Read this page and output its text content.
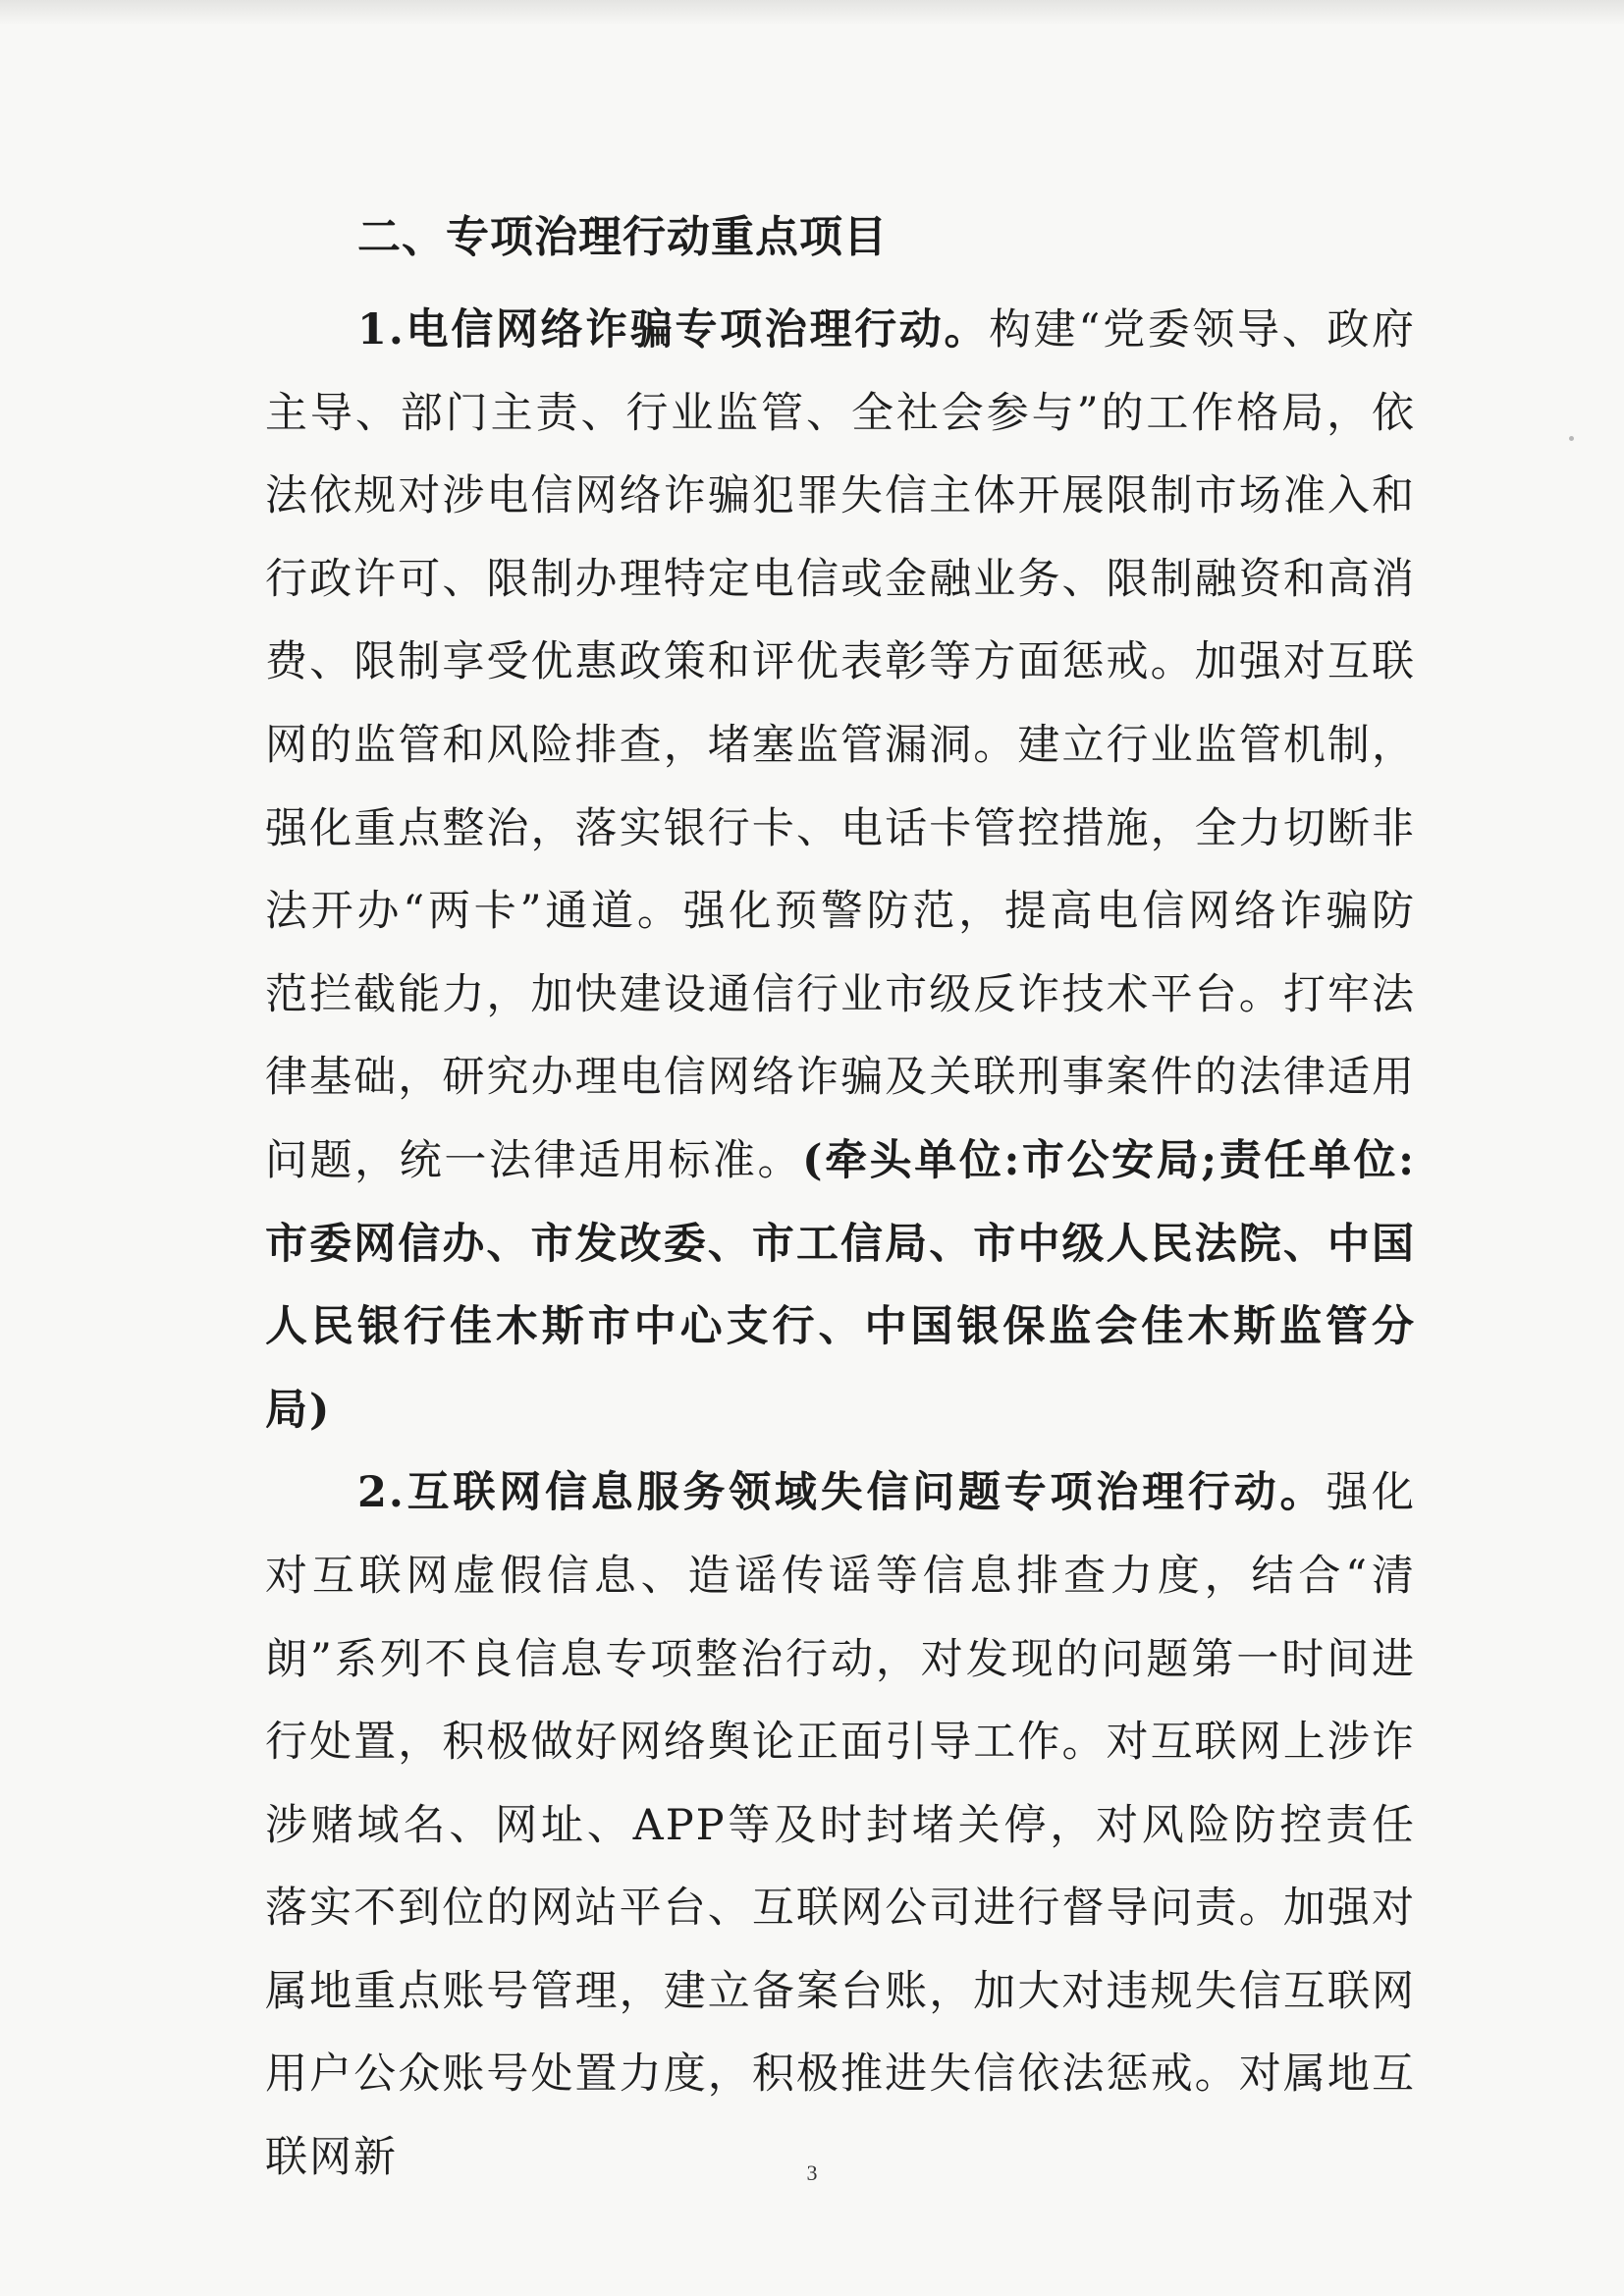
二、专项治理行动重点项目

1.电信网络诈骗专项治理行动。构建“党委领导、政府主导、部门主责、行业监管、全社会参与”的工作格局，依法依规对涉电信网络诈骗犯罪失信主体开展限制市场准入和行政许可、限制办理特定电信或金融业务、限制融资和高消费、限制享受优惠政策和评优表彰等方面惩戒。加强对互联网的监管和风险排查，堵塞监管漏洞。建立行业监管机制，强化重点整治，落实银行卡、电话卡管控措施，全力切断非法开办“两卡”通道。强化预警防范，提高电信网络诈骗防范拦截能力，加快建设通信行业市级反诈技术平台。打牢法律基础，研究办理电信网络诈骗及关联刑事案件的法律适用问题，统一法律适用标准。(牵头单位:市公安局;责任单位:市委网信办、市发改委、市工信局、市中级人民法院、中国人民银行佳木斯市中心支行、中国银保监会佳木斯监管分局)

2.互联网信息服务领域失信问题专项治理行动。强化对互联网虚假信息、造谣传谣等信息排查力度，结合“清朗”系列不良信息专项整治行动，对发现的问题第一时间进行处置，积极做好网络舆论正面引导工作。对互联网上涉诈涉赌域名、网址、APP等及时封堵关停，对风险防控责任落实不到位的网站平台、互联网公司进行督导问责。加强对属地重点账号管理，建立备案台账，加大对违规失信互联网用户公众账号处置力度，积极推进失信依法惩戒。对属地互联网新	3
